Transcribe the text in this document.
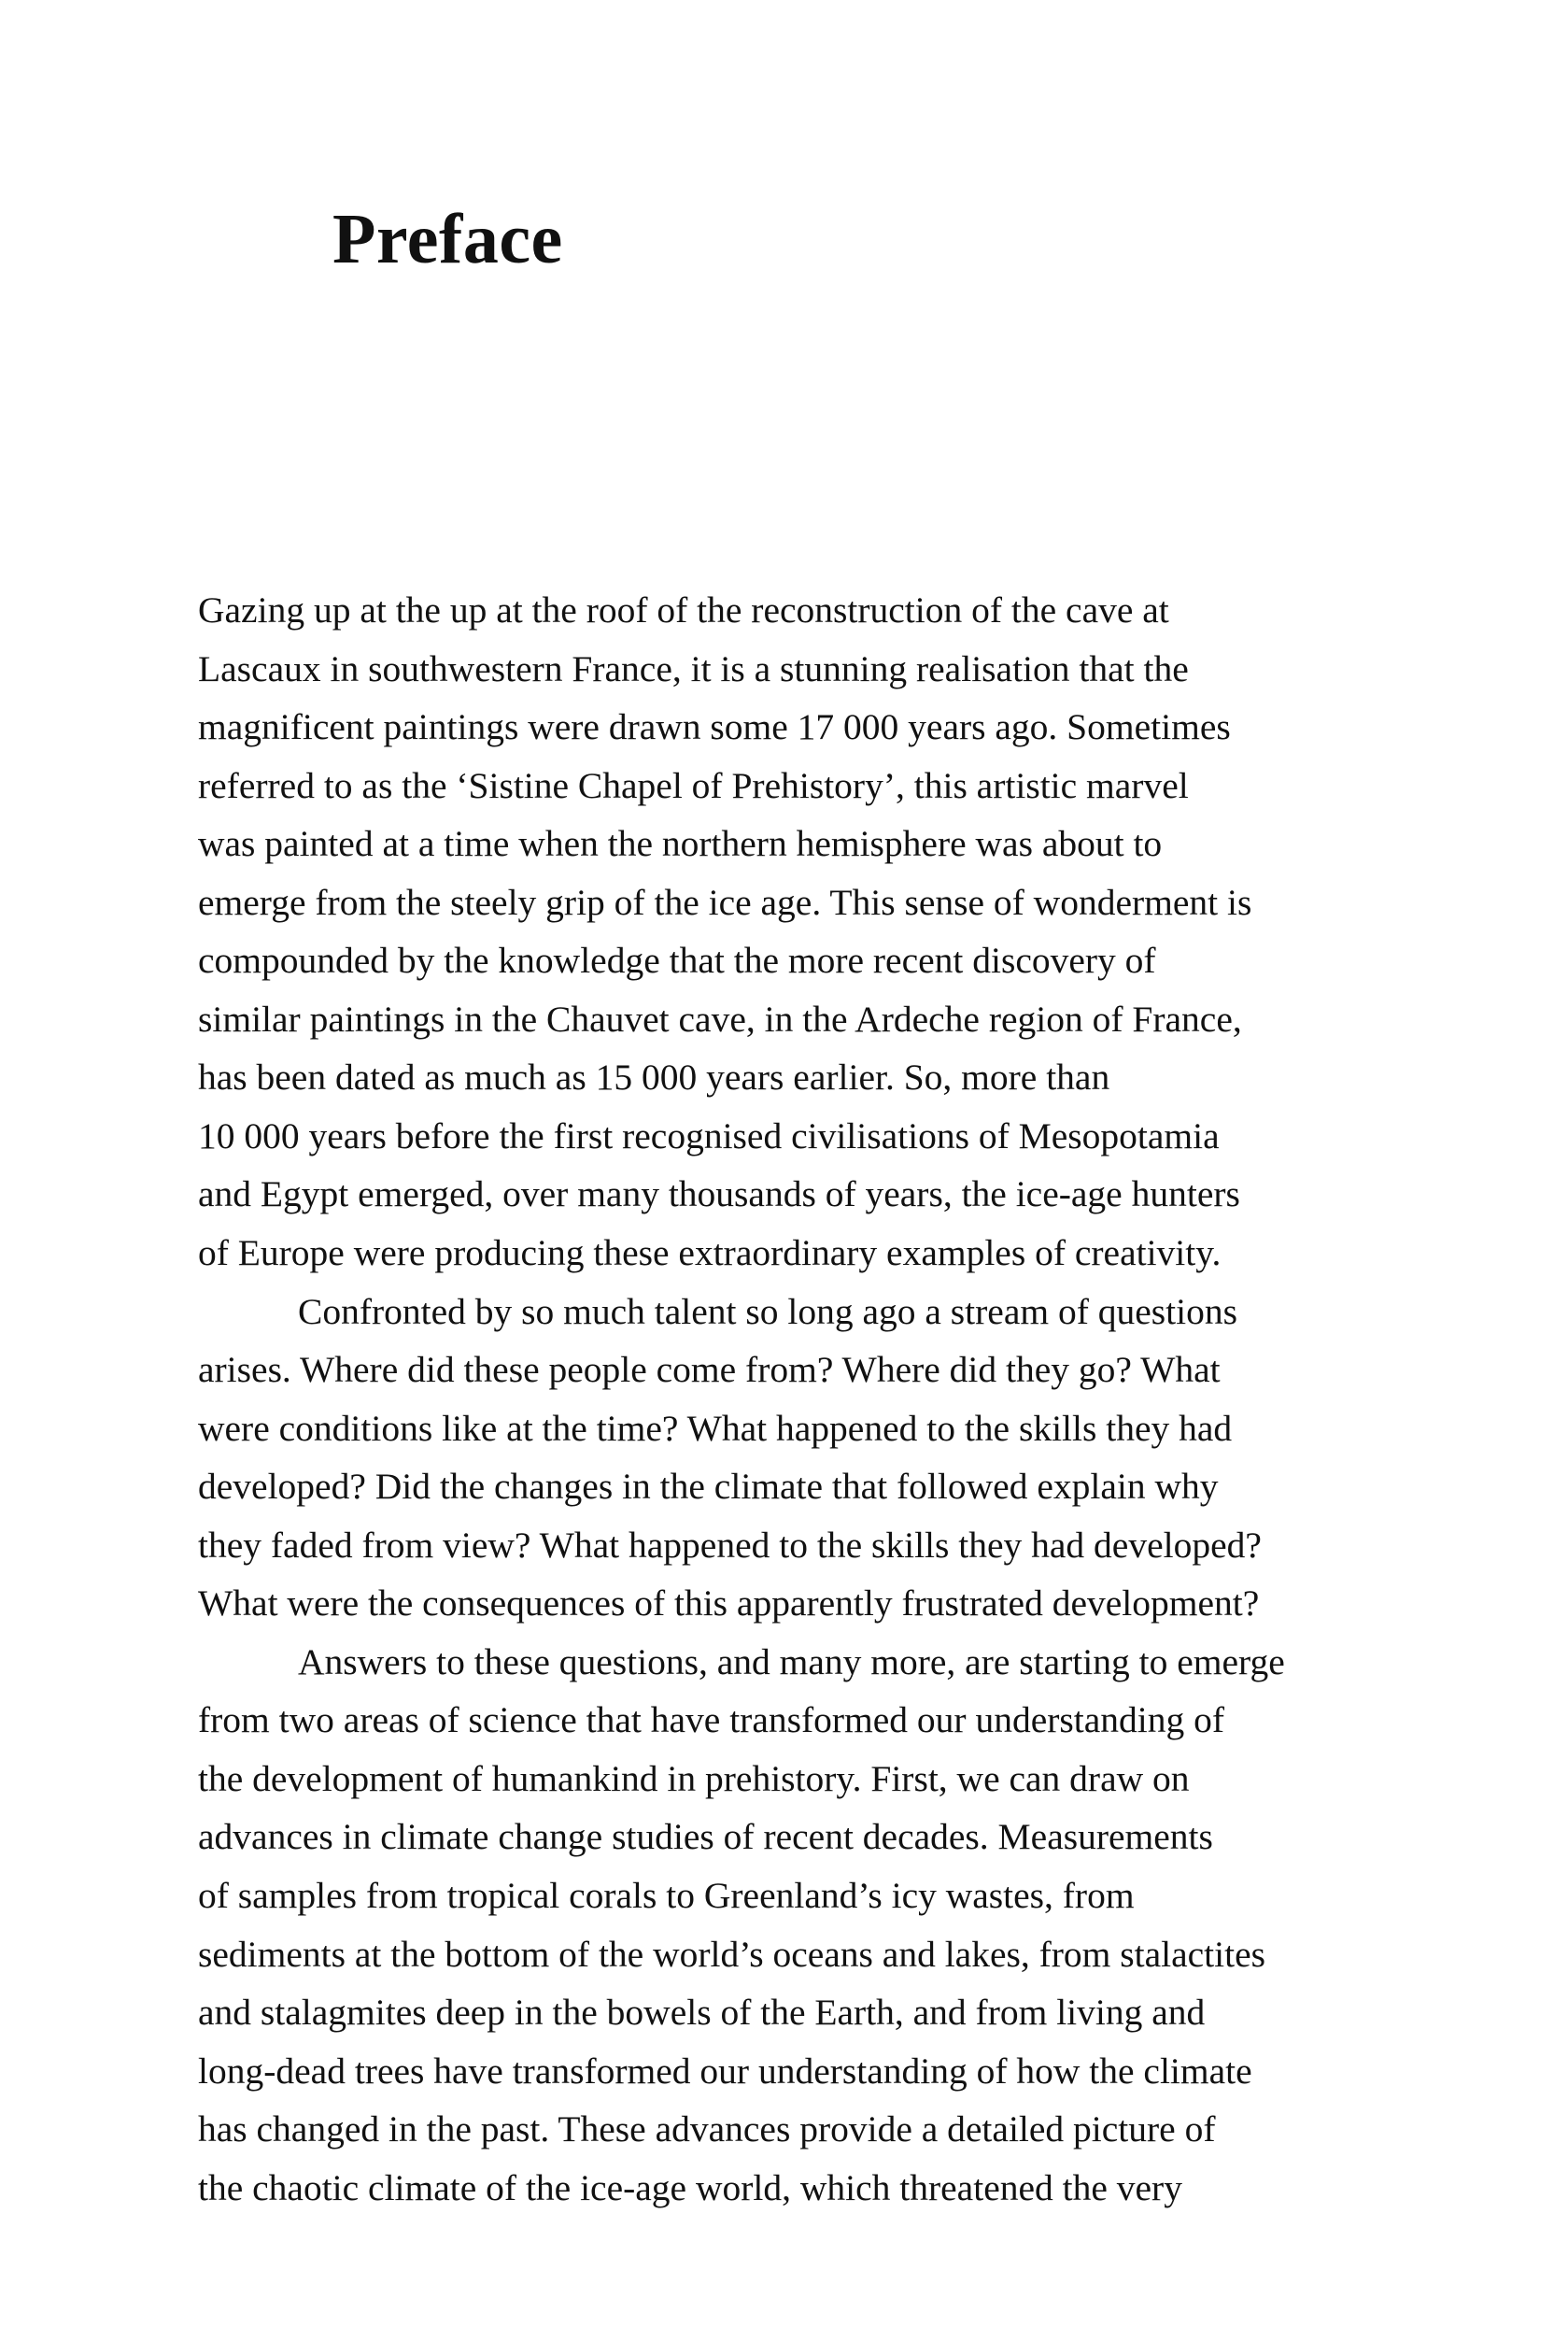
Preface
Gazing up at the up at the roof of the reconstruction of the cave at
Lascaux in southwestern France, it is a stunning realisation that the
magnificent paintings were drawn some 17 000 years ago. Sometimes
referred to as the ‘Sistine Chapel of Prehistory’, this artistic marvel
was painted at a time when the northern hemisphere was about to
emerge from the steely grip of the ice age. This sense of wonderment is
compounded by the knowledge that the more recent discovery of
similar paintings in the Chauvet cave, in the Ardeche region of France,
has been dated as much as 15 000 years earlier. So, more than
10 000 years before the first recognised civilisations of Mesopotamia
and Egypt emerged, over many thousands of years, the ice-age hunters
of Europe were producing these extraordinary examples of creativity.
Confronted by so much talent so long ago a stream of questions
arises. Where did these people come from? Where did they go? What
were conditions like at the time? What happened to the skills they had
developed? Did the changes in the climate that followed explain why
they faded from view? What happened to the skills they had developed?
What were the consequences of this apparently frustrated development?
Answers to these questions, and many more, are starting to emerge
from two areas of science that have transformed our understanding of
the development of humankind in prehistory. First, we can draw on
advances in climate change studies of recent decades. Measurements
of samples from tropical corals to Greenland’s icy wastes, from
sediments at the bottom of the world’s oceans and lakes, from stalactites
and stalagmites deep in the bowels of the Earth, and from living and
long-dead trees have transformed our understanding of how the climate
has changed in the past. These advances provide a detailed picture of
the chaotic climate of the ice-age world, which threatened the very
